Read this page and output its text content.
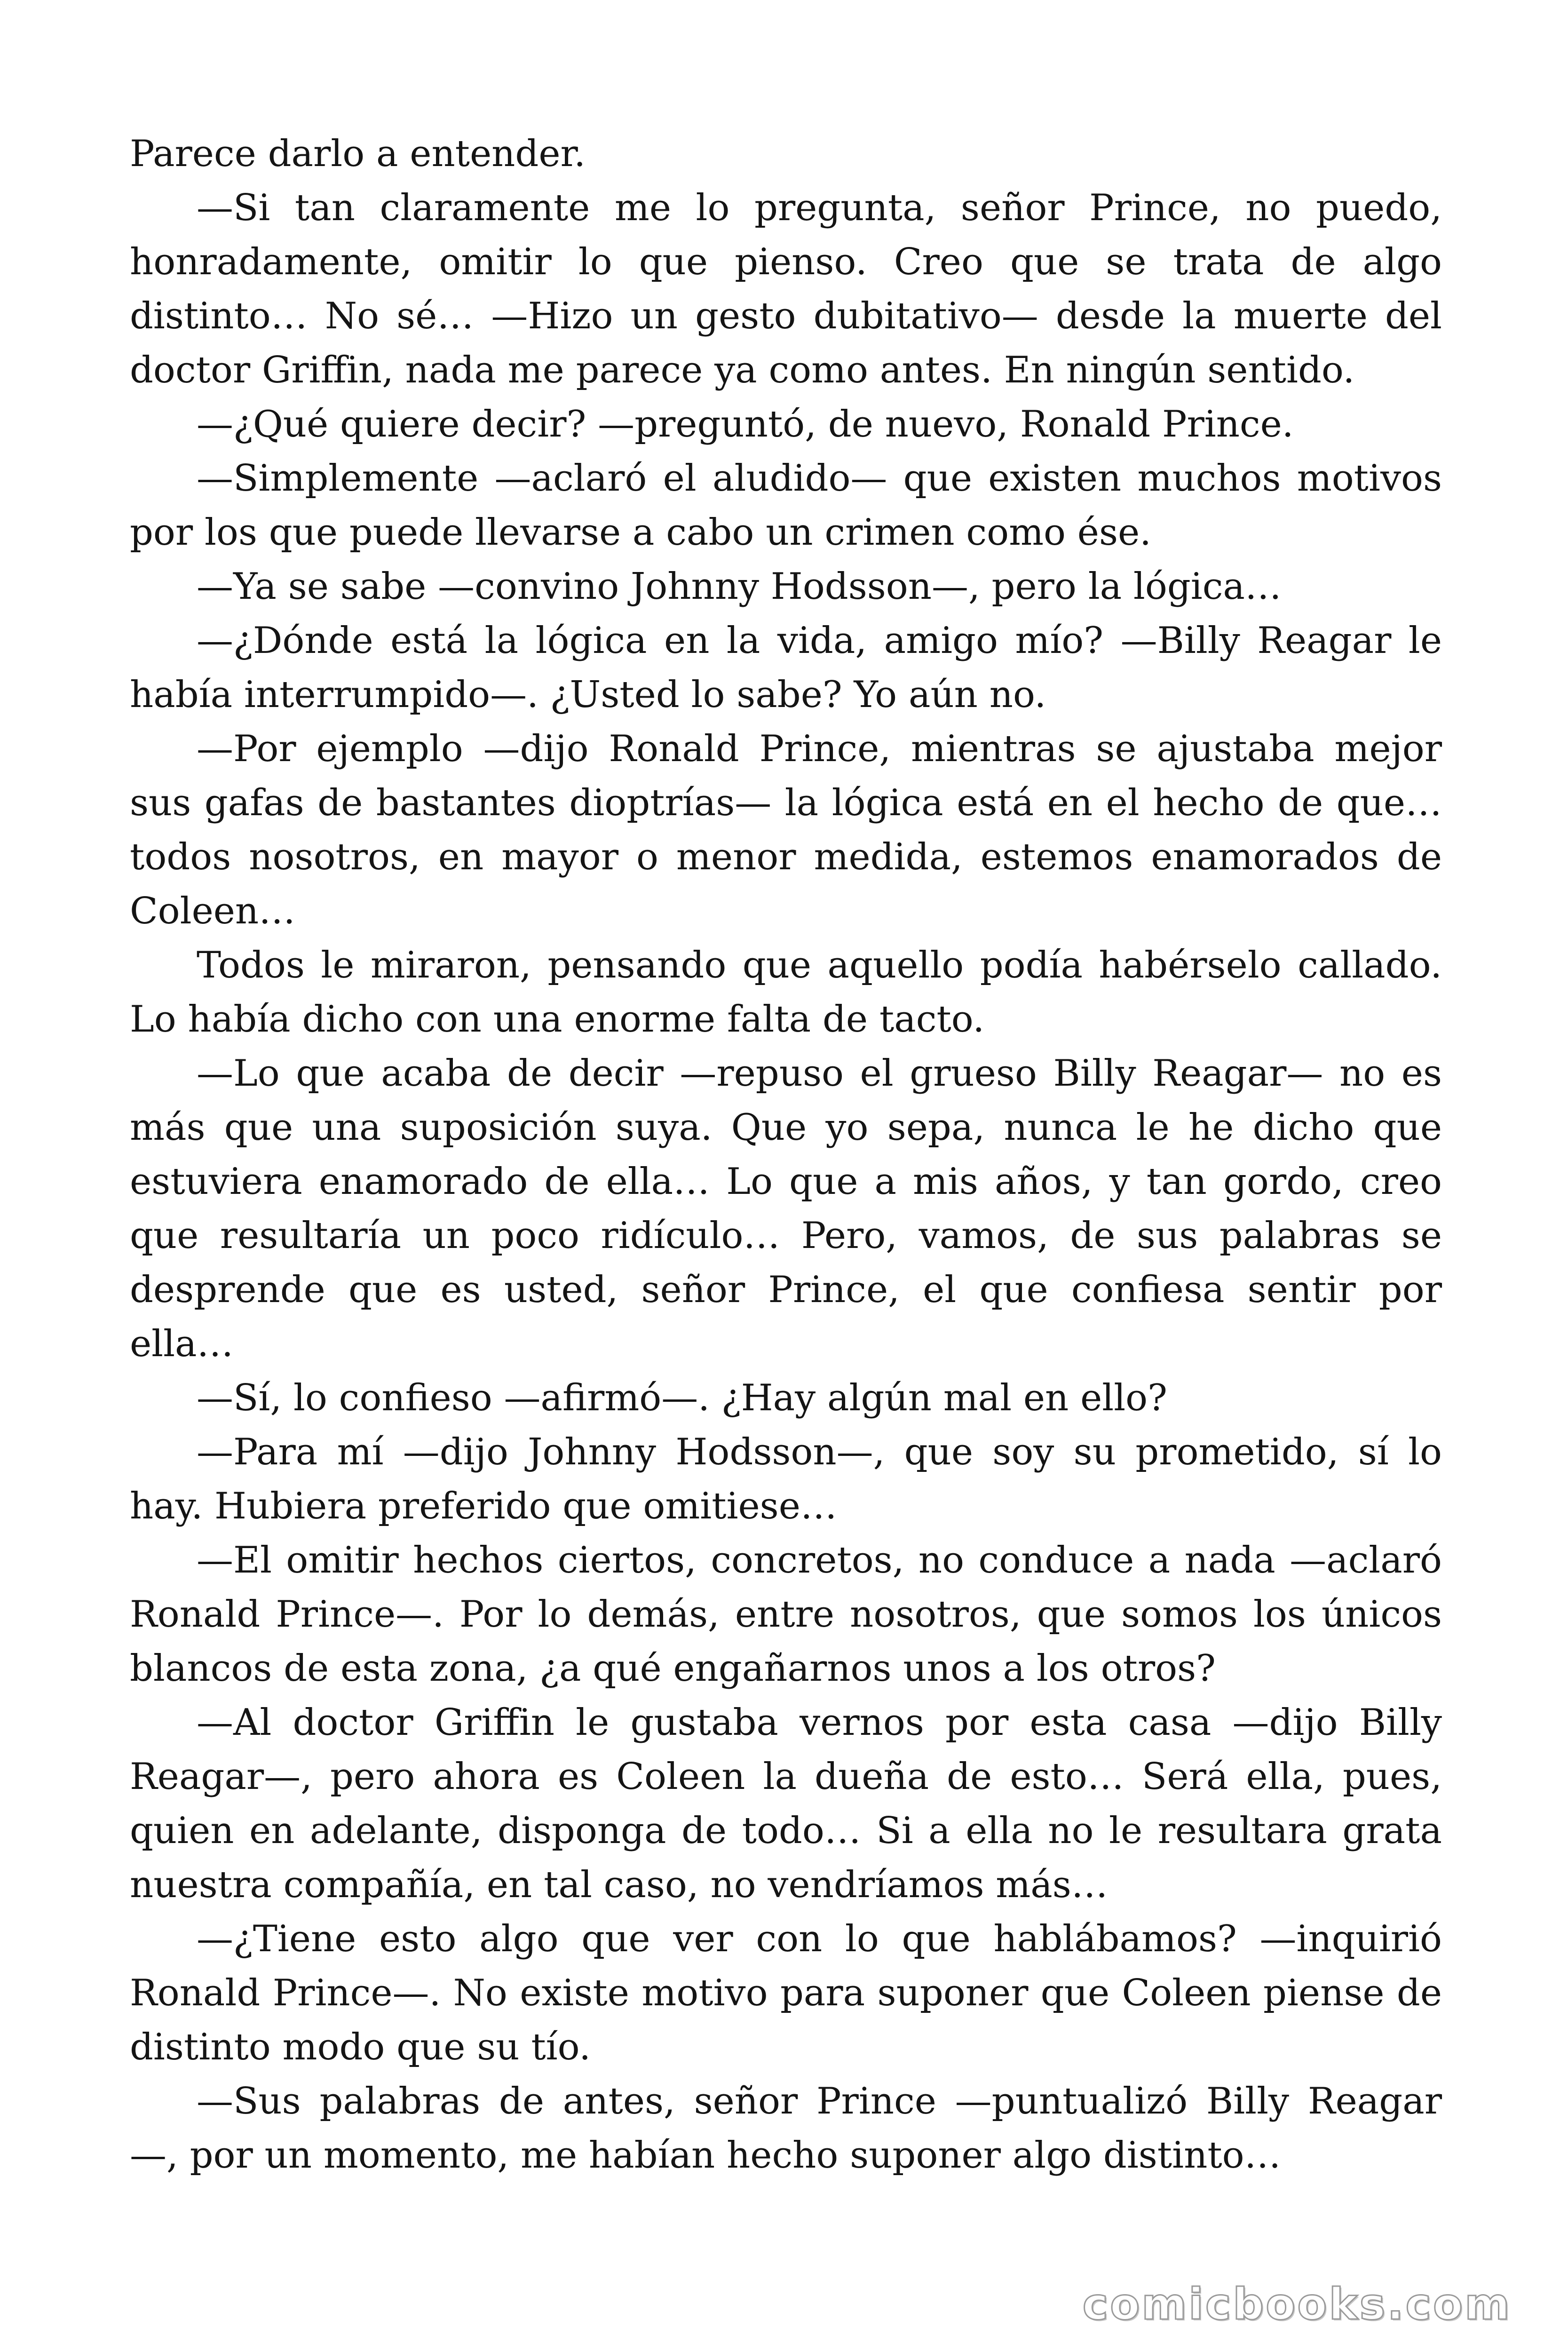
Parece darlo a entender.

—Si tan claramente me lo pregunta, señor Prince, no puedo, honradamente, omitir lo que pienso. Creo que se trata de algo distinto… No sé… —Hizo un gesto dubitativo— desde la muerte del doctor Griffin, nada me parece ya como antes. En ningún sentido.

—¿Qué quiere decir? —preguntó, de nuevo, Ronald Prince.

—Simplemente —aclaró el aludido— que existen muchos motivos por los que puede llevarse a cabo un crimen como ése.

—Ya se sabe —convino Johnny Hodsson—, pero la lógica…

—¿Dónde está la lógica en la vida, amigo mío? —Billy Reagar le había interrumpido—. ¿Usted lo sabe? Yo aún no.

—Por ejemplo —dijo Ronald Prince, mientras se ajustaba mejor sus gafas de bastantes dioptrías— la lógica está en el hecho de que… todos nosotros, en mayor o menor medida, estemos enamorados de Coleen…

Todos le miraron, pensando que aquello podía habérselo callado. Lo había dicho con una enorme falta de tacto.

—Lo que acaba de decir —repuso el grueso Billy Reagar— no es más que una suposición suya. Que yo sepa, nunca le he dicho que estuviera enamorado de ella… Lo que a mis años, y tan gordo, creo que resultaría un poco ridículo… Pero, vamos, de sus palabras se desprende que es usted, señor Prince, el que confiesa sentir por ella…

—Sí, lo confieso —afirmó—. ¿Hay algún mal en ello?

—Para mí —dijo Johnny Hodsson—, que soy su prometido, sí lo hay. Hubiera preferido que omitiese…

—El omitir hechos ciertos, concretos, no conduce a nada —aclaró Ronald Prince—. Por lo demás, entre nosotros, que somos los únicos blancos de esta zona, ¿a qué engañarnos unos a los otros?

—Al doctor Griffin le gustaba vernos por esta casa —dijo Billy Reagar—, pero ahora es Coleen la dueña de esto… Será ella, pues, quien en adelante, disponga de todo… Si a ella no le resultara grata nuestra compañía, en tal caso, no vendríamos más…

—¿Tiene esto algo que ver con lo que hablábamos? —inquirió Ronald Prince—. No existe motivo para suponer que Coleen piense de distinto modo que su tío.

—Sus palabras de antes, señor Prince —puntualizó Billy Reagar —, por un momento, me habían hecho suponer algo distinto…

comicbooks.com
